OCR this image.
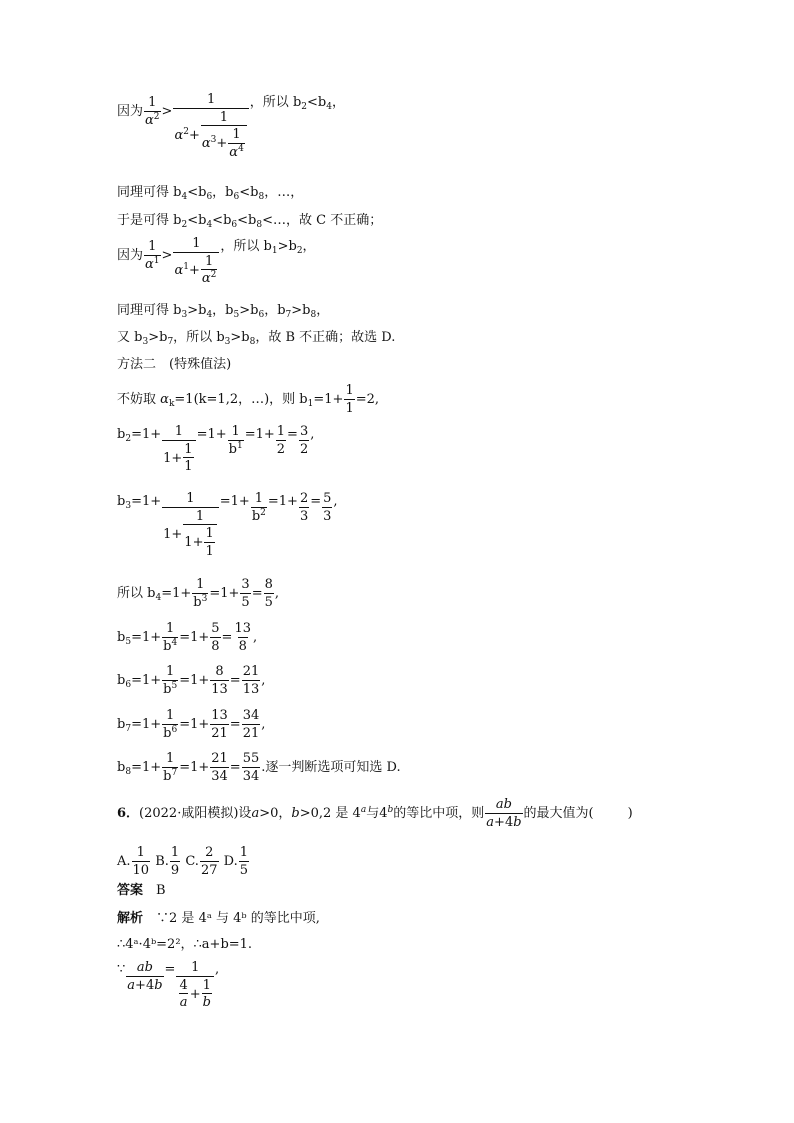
因为 $\frac{1}{\alpha^2} > \frac{1}{\alpha^2+ \frac{1}{\alpha^3+ \frac{1}{\alpha^4}}}$ ，所以 $b_2<b_4$，
同理可得 $b_4<b_6$，$b_6<b_8$，…，
于是可得 $b_2<b_4<b_6<b_8<\dots$，故 C 不正确；
因为 $\frac{1}{\alpha^1} > \frac{1}{\alpha^1+ \frac{1}{\alpha^2}}$ ，所以 $b_1>b_2$，
同理可得 $b_3>b_4$，$b_5>b_6$，$b_7>b_8$，
又 $b_3>b_7$，所以 $b_3>b_8$，故 B 不正确；故选 D.
方法二　(特殊值法)
不妨取 $\alpha_k=1(k=1,2$，…)，则 $b_1=1+ \frac{1}{1} =2$,
$b_2=1+ \frac{1}{1+ \frac{1}{1}} =1+ \frac{1}{b^1} =1+ \frac{1}{2} = \frac{3}{2}$ ,
$b_3=1+ \frac{1}{1+ \frac{1}{1+ \frac{1}{1}}} =1+ \frac{1}{b^2} =1+ \frac{2}{3} = \frac{5}{3}$ ,
所以 $b_4=1+ \frac{1}{b^3} =1+ \frac{3}{5} = \frac{8}{5}$ ,
$b_5=1+ \frac{1}{b^4} =1+ \frac{5}{8} = \frac{13}{8}$ ,
$b_6=1+ \frac{1}{b^5} =1+ \frac{8}{13} = \frac{21}{13}$ ,
$b_7=1+ \frac{1}{b^6} =1+ \frac{13}{21} = \frac{34}{21}$ ,
$b_8=1+ \frac{1}{b^7} =1+ \frac{21}{34} = \frac{55}{34}$ .逐一判断选项可知选 D.
6．(2022·咸阳模拟)设a>0，b>0,2 是 4$^a$与4$^b$的等比中项，则 $\frac{ab}{a+4b}$ 的最大值为(	)
A. $\frac{1}{10} B$. $\frac{1}{9} C$. $\frac{2}{27} D$. $\frac{1}{5}$
答案　 B
解析　 ∵2 是 4ᵃ 与 4ᵇ 的等比中项,
∴4ᵃ·4ᵇ=2²，∴a+b=1.
∵ $\frac{ab}{a+4b} = \frac{1}{\frac{4}{a} + \frac{1}{b}}$ ,
